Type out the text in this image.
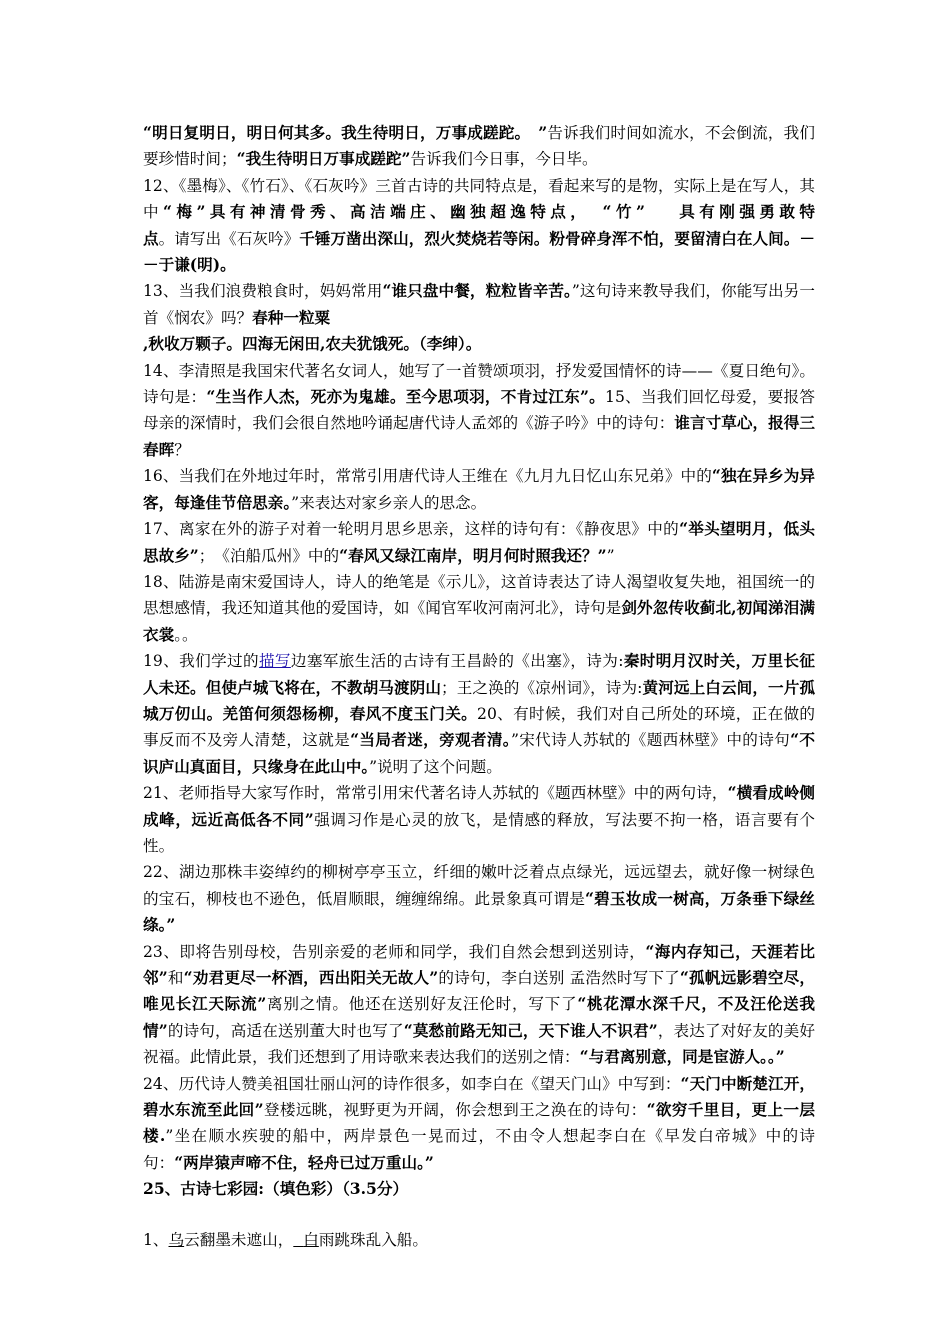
“明日复明日，明日何其多。我生待明日，万事成蹉跎。　”告诉我们时间如流水，不会倒流，我们要珍惜时间；“我生待明日万事成蹉跎”告诉我们今日事，今日毕。

12、《墨梅》、《竹石》、《石灰吟》三首古诗的共同特点是，看起来写的是物，实际上是在写人，其中“梅”具有神清骨秀、高洁端庄、幽独超逸特点，　“竹”　 具有刚强勇敢特点。请写出《石灰吟》千锤万凿出深山，烈火焚烧若等闲。粉骨碎身浑不怕，要留清白在人间。－－于谦(明)。

13、当我们浪费粮食时，妈妈常用“谁只盘中餐，粒粒皆辛苦。”这句诗来教导我们，你能写出另一首《悯农》吗？春种一粒粟

,秋收万颗子。四海无闲田,农夫犹饿死。（李绅）。

14、李清照是我国宋代著名女词人，她写了一首赞颂项羽，抒发爱国情怀的诗——《夏日绝句》。诗句是：“生当作人杰，死亦为鬼雄。至今思项羽，不肯过江东”。15、当我们回忆母爱，要报答母亲的深情时，我们会很自然地吟诵起唐代诗人孟郊的《游子吟》中的诗句：谁言寸草心，报得三春晖？

16、当我们在外地过年时，常常引用唐代诗人王维在《九月九日忆山东兄弟》中的“独在异乡为异客，每逢佳节倍思亲。”来表达对家乡亲人的思念。

17、离家在外的游子对着一轮明月思乡思亲，这样的诗句有：《静夜思》中的“举头望明月，低头思故乡”；　《泊船瓜州》中的“春风又绿江南岸，明月何时照我还？””

18、陆游是南宋爱国诗人，诗人的绝笔是《示儿》，这首诗表达了诗人渴望收复失地，祖国统一的思想感情，我还知道其他的爱国诗，如《闻官军收河南河北》，诗句是剑外忽传收蓟北,初闻涕泪满衣裳。。

19、我们学过的描写边塞军旅生活的古诗有王昌龄的《出塞》，诗为:秦时明月汉时关，万里长征人未还。但使卢城飞将在，不教胡马渡阴山；王之涣的《凉州词》，诗为:黄河远上白云间，一片孤城万仞山。羌笛何须怨杨柳，春风不度玉门关。20、有时候，我们对自己所处的环境，正在做的事反而不及旁人清楚，这就是“当局者迷，旁观者清。”宋代诗人苏轼的《题西林壁》中的诗句“不识庐山真面目，只缘身在此山中。”说明了这个问题。

21、老师指导大家写作时，常常引用宋代著名诗人苏轼的《题西林壁》中的两句诗，“横看成岭侧成峰，远近高低各不同”强调习作是心灵的放飞，是情感的释放，写法要不拘一格，语言要有个性。

22、湖边那株丰姿绰约的柳树亭亭玉立，纤细的嫩叶泛着点点绿光，远远望去，就好像一树绿色的宝石，柳枝也不逊色，低眉顺眼，缠缠绵绵。此景象真可谓是“碧玉妆成一树高，万条垂下绿丝绦。”

23、即将告别母校，告别亲爱的老师和同学，我们自然会想到送别诗，“海内存知己，天涯若比邻”和“劝君更尽一杯酒，西出阳关无故人”的诗句，李白送别 孟浩然时写下了“孤帆远影碧空尽，唯见长江天际流”离别之情。他还在送别好友汪伦时，写下了“桃花潭水深千尺，不及汪伦送我情”的诗句，高适在送别董大时也写了“莫愁前路无知己，天下谁人不识君”，表达了对好友的美好祝福。此情此景，我们还想到了用诗歌来表达我们的送别之情：“与君离别意，同是宦游人。。”

24、历代诗人赞美祖国壮丽山河的诗作很多，如李白在《望天门山》中写到：“天门中断楚江开，碧水东流至此回”登楼远眺，视野更为开阔，你会想到王之涣在的诗句：“欲穷千里目，更上一层楼.”坐在顺水疾驶的船中，两岸景色一晃而过，不由令人想起李白在《早发白帝城》中的诗句：“两岸猿声啼不住，轻舟已过万重山。”

25、古诗七彩园:（填色彩）（3.5分）

1、乌云翻墨未遮山， 白雨跳珠乱入船。
